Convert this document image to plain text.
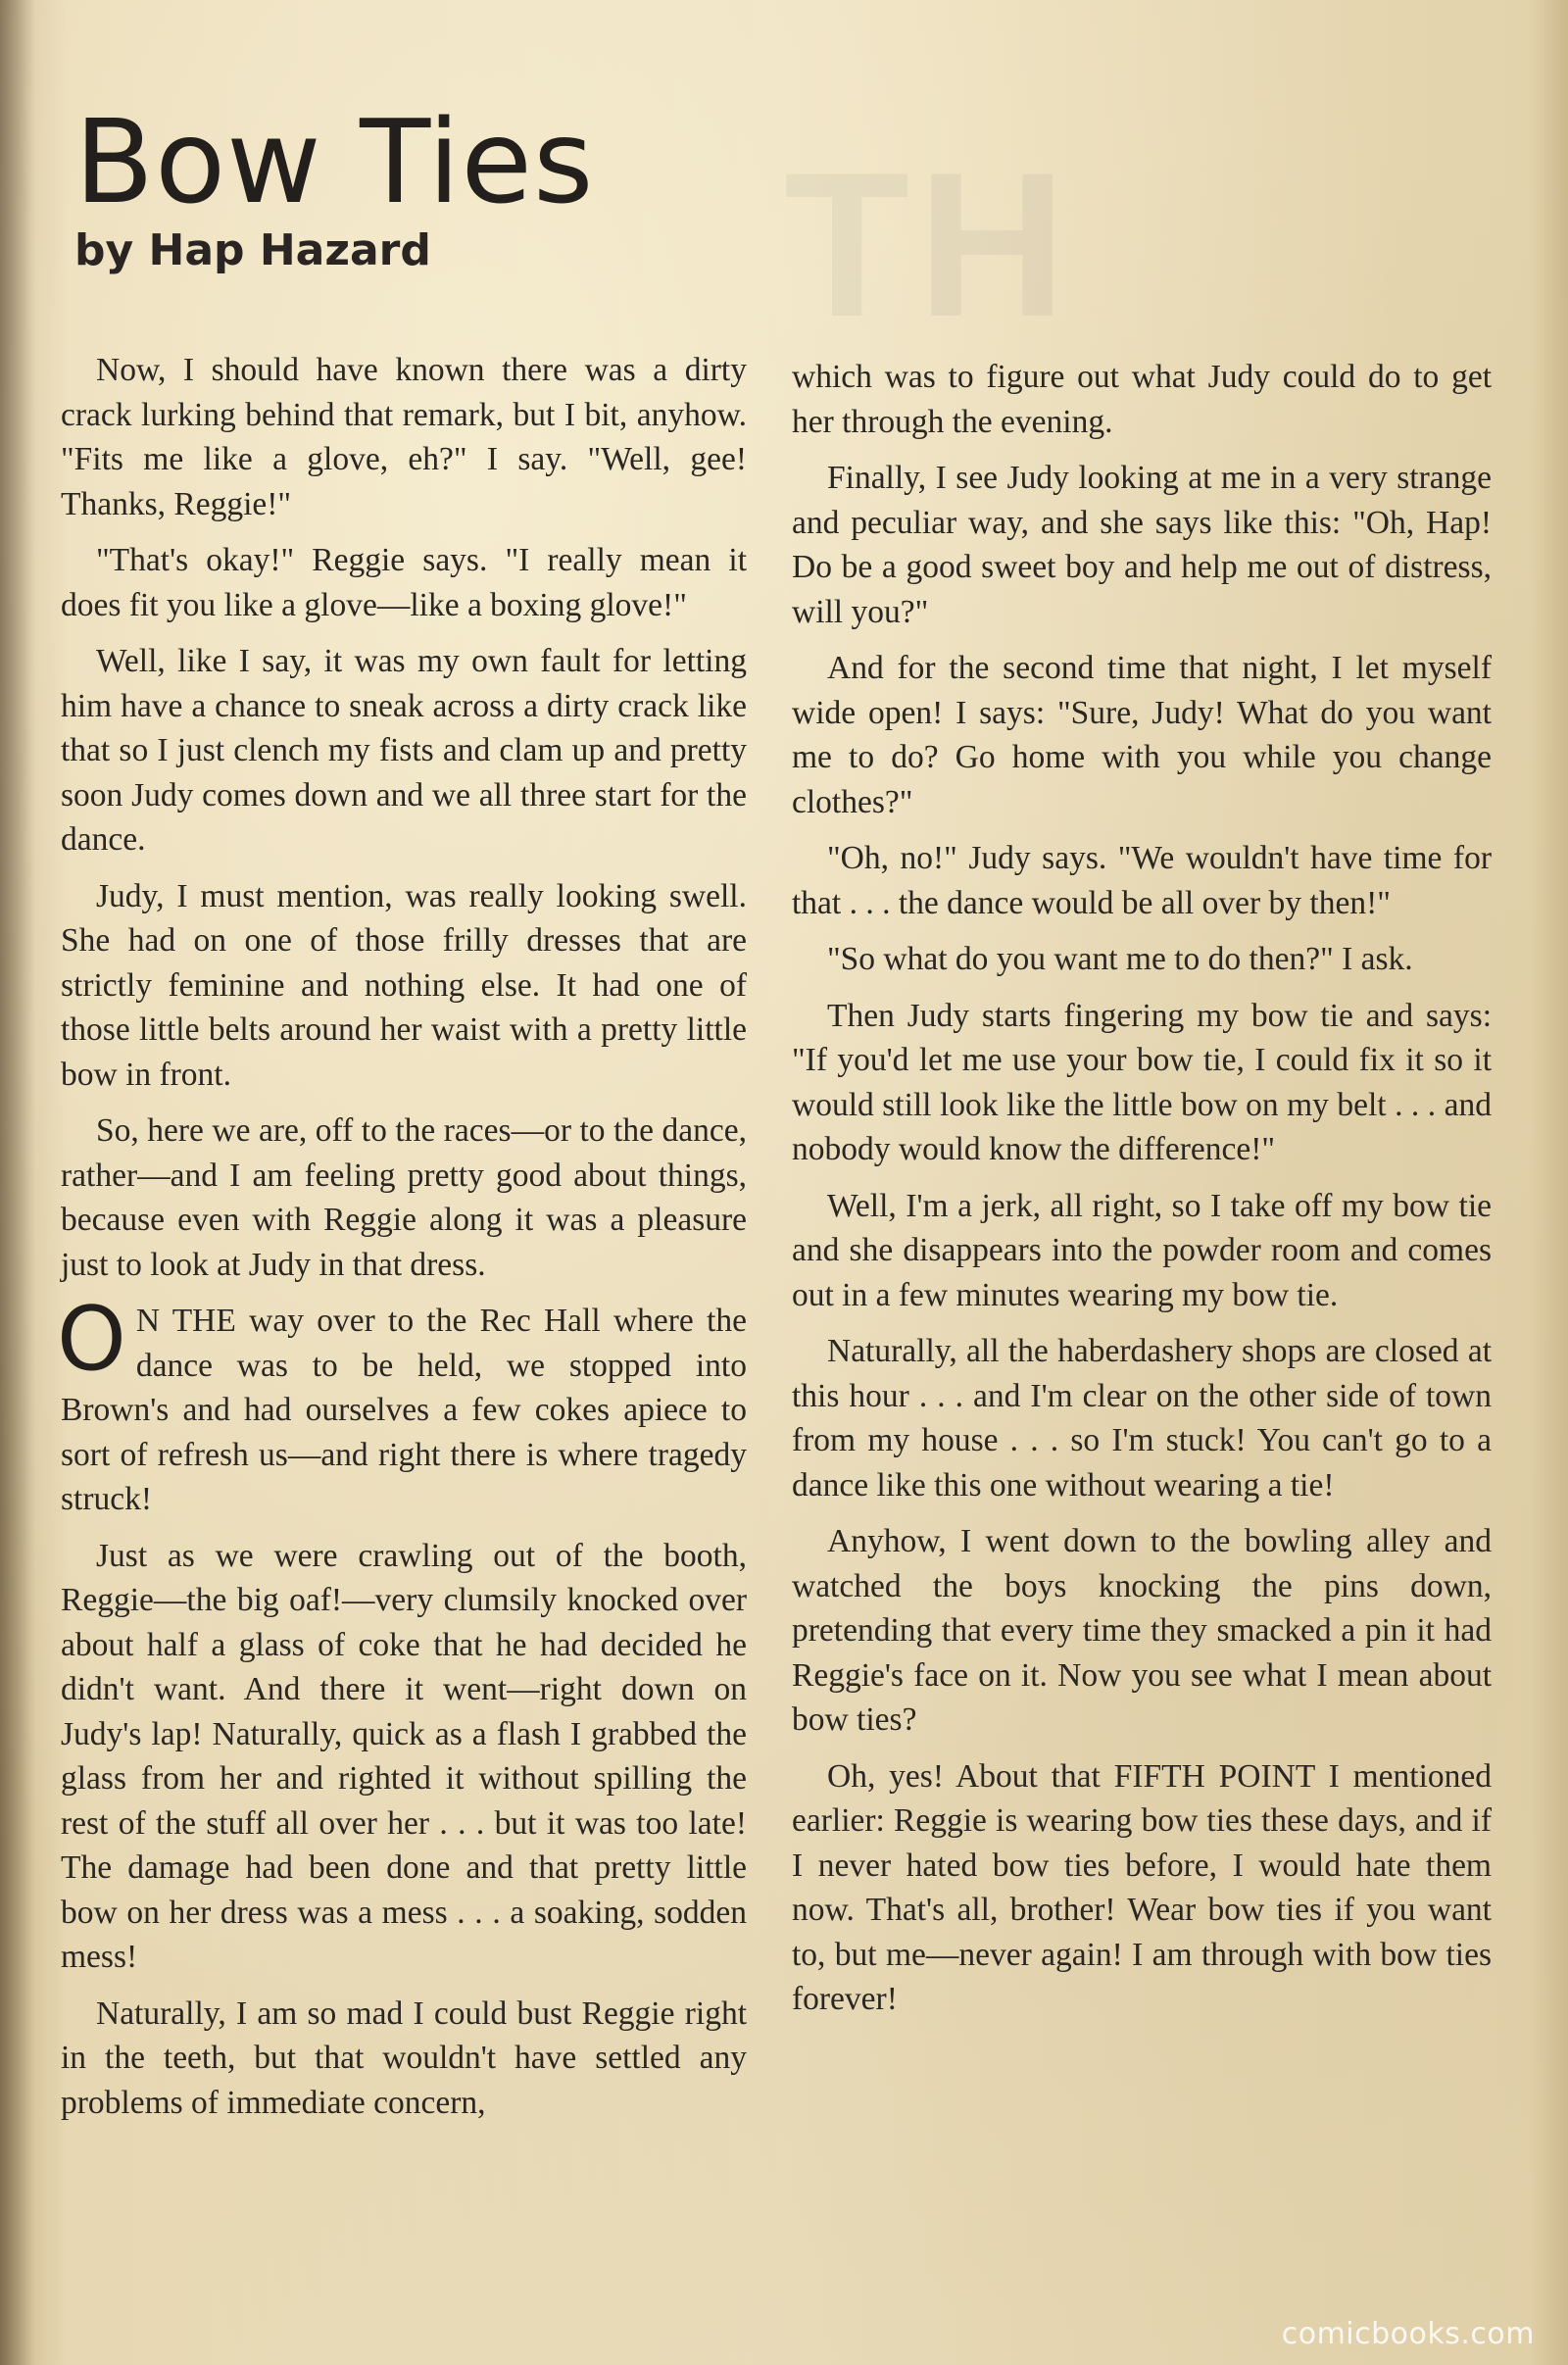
TH
Bow Ties
by Hap Hazard

Now, I should have known there was a dirty crack lurking behind that remark, but I bit, anyhow. "Fits me like a glove, eh?" I say. "Well, gee! Thanks, Reggie!"

"That's okay!" Reggie says. "I really mean it does fit you like a glove—like a boxing glove!"

Well, like I say, it was my own fault for letting him have a chance to sneak across a dirty crack like that so I just clench my fists and clam up and pretty soon Judy comes down and we all three start for the dance.

Judy, I must mention, was really looking swell. She had on one of those frilly dresses that are strictly feminine and nothing else. It had one of those little belts around her waist with a pretty little bow in front.

So, here we are, off to the races—or to the dance, rather—and I am feeling pretty good about things, because even with Reggie along it was a pleasure just to look at Judy in that dress.

O N THE way over to the Rec Hall where the dance was to be held, we stopped into Brown's and had ourselves a few cokes apiece to sort of refresh us—and right there is where tragedy struck!

Just as we were crawling out of the booth, Reggie—the big oaf!—very clumsily knocked over about half a glass of coke that he had decided he didn't want. And there it went—right down on Judy's lap! Naturally, quick as a flash I grabbed the glass from her and righted it without spilling the rest of the stuff all over her . . . but it was too late! The damage had been done and that pretty little bow on her dress was a mess . . . a soaking, sodden mess!

Naturally, I am so mad I could bust Reggie right in the teeth, but that wouldn't have settled any problems of immediate concern,

which was to figure out what Judy could do to get her through the evening.

Finally, I see Judy looking at me in a very strange and peculiar way, and she says like this: "Oh, Hap! Do be a good sweet boy and help me out of distress, will you?"

And for the second time that night, I let myself wide open! I says: "Sure, Judy! What do you want me to do? Go home with you while you change clothes?"

"Oh, no!" Judy says. "We wouldn't have time for that . . . the dance would be all over by then!"

"So what do you want me to do then?" I ask.

Then Judy starts fingering my bow tie and says: "If you'd let me use your bow tie, I could fix it so it would still look like the little bow on my belt . . . and nobody would know the difference!"

Well, I'm a jerk, all right, so I take off my bow tie and she disappears into the powder room and comes out in a few minutes wearing my bow tie.

Naturally, all the haberdashery shops are closed at this hour . . . and I'm clear on the other side of town from my house . . . so I'm stuck! You can't go to a dance like this one without wearing a tie!

Anyhow, I went down to the bowling alley and watched the boys knocking the pins down, pretending that every time they smacked a pin it had Reggie's face on it. Now you see what I mean about bow ties?

Oh, yes! About that FIFTH POINT I mentioned earlier: Reggie is wearing bow ties these days, and if I never hated bow ties before, I would hate them now. That's all, brother! Wear bow ties if you want to, but me—never again! I am through with bow ties forever!

comicbooks.com
